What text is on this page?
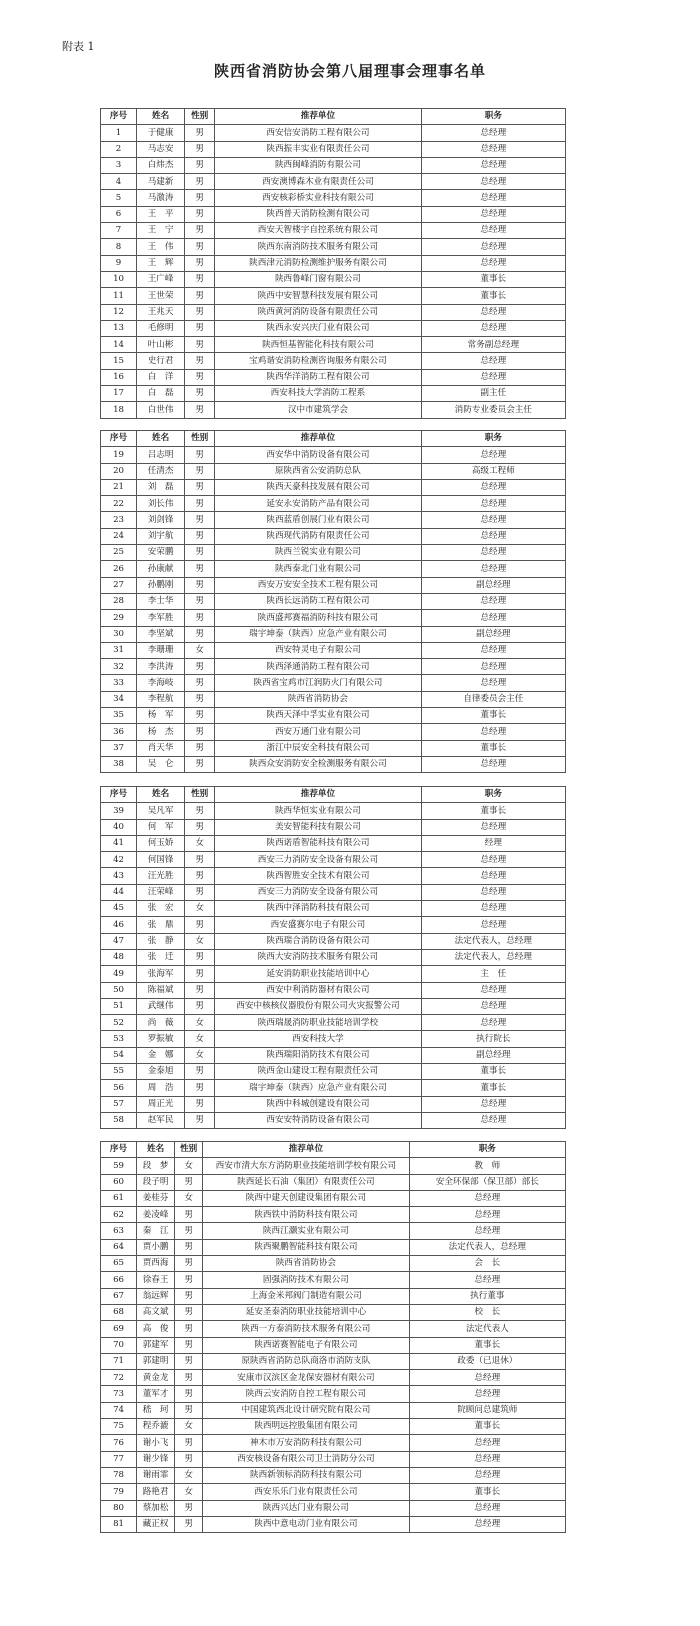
附表 1
陕西省消防协会第八届理事会理事名单
序号	姓名	性别	推荐单位	职务
1	于健康	男	西安信安消防工程有限公司	总经理
2	马志安	男	陕西振丰实业有限责任公司	总经理
3	白炜杰	男	陕西闽峰消防有限公司	总经理
4	马建新	男	西安澳博森木业有限责任公司	总经理
5	马激涛	男	西安核彩桥实业科技有限公司	总经理
6	王　平	男	陕西普天消防检测有限公司	总经理
7	王　宁	男	西安天智楼宇自控系统有限公司	总经理
8	王　伟	男	陕西东南消防技术服务有限公司	总经理
9	王　辉	男	陕西津元消防检测维护服务有限公司	总经理
10	王广峰	男	陕西鲁峰门窗有限公司	董事长
11	王世荣	男	陕西中安智慧科技发展有限公司	董事长
12	王兆天	男	陕西黄河消防设备有限责任公司	总经理
13	毛修明	男	陕西永安兴庆门业有限公司	总经理
14	叶山彬	男	陕西恒基智能化科技有限公司	常务副总经理
15	史行君	男	宝鸡谐安消防检测咨询服务有限公司	总经理
16	白　洋	男	陕西华洋消防工程有限公司	总经理
17	白　磊	男	西安科技大学消防工程系	副主任
18	白世伟	男	汉中市建筑学会	消防专业委员会主任
序号	姓名	性别	推荐单位	职务
19	吕志明	男	西安华中消防设备有限公司	总经理
20	任清杰	男	原陕西省公安消防总队	高级工程师
21	刘　磊	男	陕西天豪科技发展有限公司	总经理
22	刘长伟	男	延安永安消防产品有限公司	总经理
23	刘剑锋	男	陕西蓝盾创展门业有限公司	总经理
24	刘宇航	男	陕西现代消防有限责任公司	总经理
25	安荣鹏	男	陕西兰锐实业有限公司	总经理
26	孙康献	男	陕西泰北门业有限公司	总经理
27	孙鹏刚	男	西安万安安全技术工程有限公司	副总经理
28	李士华	男	陕西长远消防工程有限公司	总经理
29	李军胜	男	陕西盛邦赛福消防科技有限公司	总经理
30	李坚斌	男	瑞宇坤泰（陕西）应急产业有限公司	副总经理
31	李珊珊	女	西安特灵电子有限公司	总经理
32	李洪涛	男	陕西泽通消防工程有限公司	总经理
33	李海岐	男	陕西省宝鸡市江润防火门有限公司	总经理
34	李程航	男	陕西省消防协会	自律委员会主任
35	杨　军	男	陕西天泽中孚实业有限公司	董事长
36	杨　杰	男	西安万通门业有限公司	总经理
37	肖天华	男	浙江中辰安全科技有限公司	董事长
38	吴　仑	男	陕西众安消防安全检测服务有限公司	总经理
序号	姓名	性别	推荐单位	职务
39	吴凡军	男	陕西华恒实业有限公司	董事长
40	何　军	男	美安智能科技有限公司	总经理
41	何玉娇	女	陕西诺盾智能科技有限公司	经理
42	何国锋	男	西安三力消防安全设备有限公司	总经理
43	汪光胜	男	陕西智胜安全技术有限公司	总经理
44	汪荣峰	男	西安三力消防安全设备有限公司	总经理
45	张　宏	女	陕西中泽消防科技有限公司	总经理
46	张　鼎	男	西安盛赛尔电子有限公司	总经理
47	张　静	女	陕西瑞合消防设备有限公司	法定代表人，总经理
48	张　迁	男	陕西大安消防技术服务有限公司	法定代表人，总经理
49	张海军	男	延安消防职业技能培训中心	主　任
50	陈福斌	男	西安中利消防器材有限公司	总经理
51	武继伟	男	西安中核核仪器股份有限公司火灾报警公司	总经理
52	尚　薇	女	陕西瑞晟消防职业技能培训学校	总经理
53	罗振敏	女	西安科技大学	执行院长
54	金　娜	女	陕西瑞阳消防技术有限公司	副总经理
55	金泰旭	男	陕西金山建设工程有限责任公司	董事长
56	周　浩	男	瑞宇坤泰（陕西）应急产业有限公司	董事长
57	周正光	男	陕西中科城创建设有限公司	总经理
58	赵军民	男	西安安特消防设备有限公司	总经理
序号	姓名	性别	推荐单位	职务
59	段　梦	女	西安市清大东方消防职业技能培训学校有限公司	教　师
60	段子明	男	陕西延长石油（集团）有限责任公司	安全环保部（保卫部）部长
61	姜桂芬	女	陕西中建天创建设集团有限公司	总经理
62	姜凌峰	男	陕西铁中消防科技有限公司	总经理
63	秦　江	男	陕西江灏实业有限公司	总经理
64	贾小鹏	男	陕西聚鹏智能科技有限公司	法定代表人，总经理
65	贾西海	男	陕西省消防协会	会　长
66	徐春王	男	固强消防技术有限公司	总经理
67	翁远辉	男	上海金米邦阀门制造有限公司	执行董事
68	高文斌	男	延安圣泰消防职业技能培训中心	校　长
69	高　俊	男	陕西一方泰消防技术服务有限公司	法定代表人
70	郭建军	男	陕西诺赛智能电子有限公司	董事长
71	郭建明	男	原陕西省消防总队商洛市消防支队	政委（已退休）
72	黄金龙	男	安康市汉滨区金龙保安器材有限公司	总经理
73	董军才	男	陕西云安消防自控工程有限公司	总经理
74	嵇　珂	男	中国建筑西北设计研究院有限公司	院顾问总建筑师
75	程乔漉	女	陕西明远控股集团有限公司	董事长
76	谢小飞	男	神木市万安消防科技有限公司	总经理
77	谢少锋	男	西安核设备有限公司卫士消防分公司	总经理
78	谢雨霏	女	陕西新领标消防科技有限公司	总经理
79	路艳君	女	西安乐乐门业有限责任公司	董事长
80	蔡加松	男	陕西兴达门业有限公司	总经理
81	藏正权	男	陕西中意电动门业有限公司	总经理
